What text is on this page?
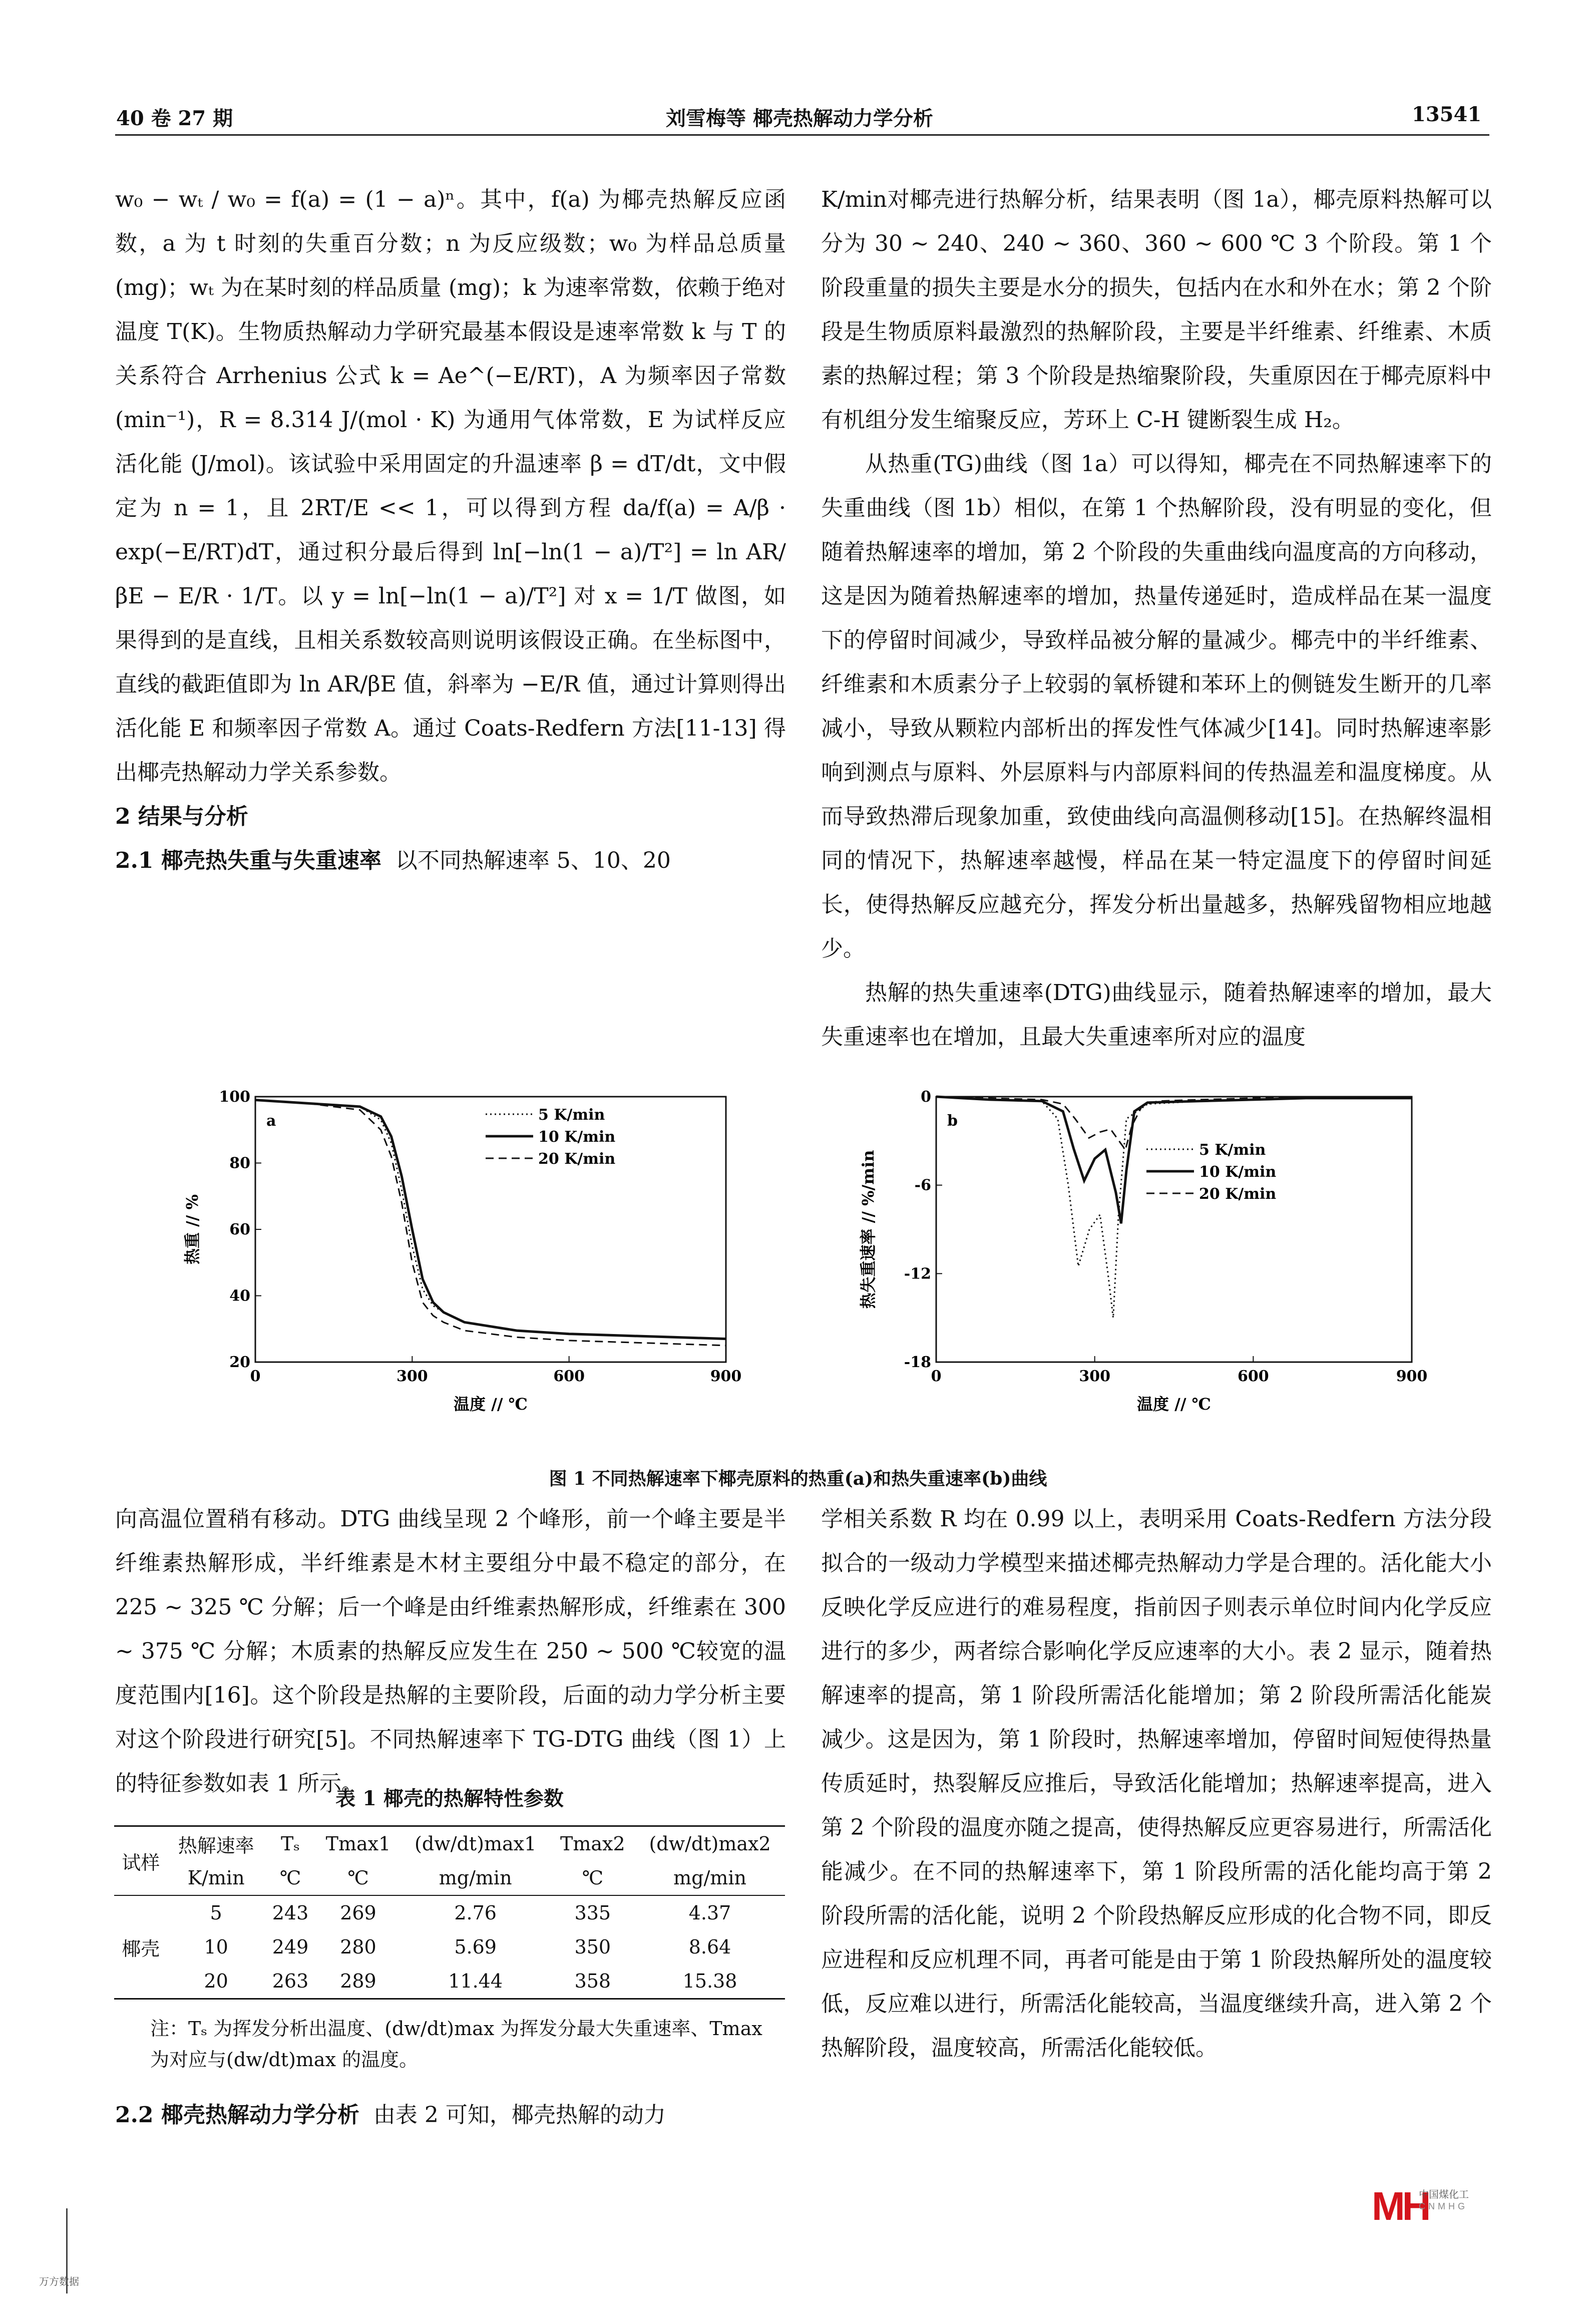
40 卷 27 期	刘雪梅等 椰壳热解动力学分析	13541

w₀ − wₜ / w₀ = f(a) = (1 − a)ⁿ。其中，f(a) 为椰壳热解反应函数，a 为 t 时刻的失重百分数；n 为反应级数；w₀ 为样品总质量 (mg)；wₜ 为在某时刻的样品质量 (mg)；k 为速率常数，依赖于绝对温度 T(K)。生物质热解动力学研究最基本假设是速率常数 k 与 T 的关系符合 Arrhenius 公式 k = Ae^(−E/RT)，A 为频率因子常数 (min⁻¹)，R = 8.314 J/(mol · K) 为通用气体常数，E 为试样反应活化能 (J/mol)。该试验中采用固定的升温速率 β = dT/dt，文中假定为 n = 1，且 2RT/E << 1，可以得到方程 da/f(a) = A/β · exp(−E/RT)dT，通过积分最后得到 ln[−ln(1 − a)/T²] = ln AR/βE − E/R · 1/T。以 y = ln[−ln(1 − a)/T²] 对 x = 1/T 做图，如果得到的是直线，且相关系数较高则说明该假设正确。在坐标图中，直线的截距值即为 ln AR/βE 值，斜率为 −E/R 值，通过计算则得出活化能 E 和频率因子常数 A。通过 Coats-Redfern 方法[11-13] 得出椰壳热解动力学关系参数。

2 结果与分析

2.1 椰壳热失重与失重速率 以不同热解速率 5、10、20

K/min对椰壳进行热解分析，结果表明（图 1a），椰壳原料热解可以分为 30 ~ 240、240 ~ 360、360 ~ 600 ℃ 3 个阶段。第 1 个阶段重量的损失主要是水分的损失，包括内在水和外在水；第 2 个阶段是生物质原料最激烈的热解阶段，主要是半纤维素、纤维素、木质素的热解过程；第 3 个阶段是热缩聚阶段，失重原因在于椰壳原料中有机组分发生缩聚反应，芳环上 C-H 键断裂生成 H₂。

从热重(TG)曲线（图 1a）可以得知，椰壳在不同热解速率下的失重曲线（图 1b）相似，在第 1 个热解阶段，没有明显的变化，但随着热解速率的增加，第 2 个阶段的失重曲线向温度高的方向移动，这是因为随着热解速率的增加，热量传递延时，造成样品在某一温度下的停留时间减少，导致样品被分解的量减少。椰壳中的半纤维素、纤维素和木质素分子上较弱的氧桥键和苯环上的侧链发生断开的几率减小，导致从颗粒内部析出的挥发性气体减少[14]。同时热解速率影响到测点与原料、外层原料与内部原料间的传热温差和温度梯度。从而导致热滞后现象加重，致使曲线向高温侧移动[15]。在热解终温相同的情况下，热解速率越慢，样品在某一特定温度下的停留时间延长，使得热解反应越充分，挥发分析出量越多，热解残留物相应地越少。

热解的热失重速率(DTG)曲线显示，随着热解速率的增加，最大失重速率也在增加，且最大失重速率所对应的温度

0	300	600	900
20
40
60
80
100
温度 // ℃
热重 // %
a	5 K/min
10 K/min
20 K/min
0	300	600	900
0
-6
-12
-18
温度 // ℃
热失重速率 // %/min
b
5 K/min
10 K/min
20 K/min
图 1 不同热解速率下椰壳原料的热重(a)和热失重速率(b)曲线

向高温位置稍有移动。DTG 曲线呈现 2 个峰形，前一个峰主要是半纤维素热解形成，半纤维素是木材主要组分中最不稳定的部分，在 225 ~ 325 ℃ 分解；后一个峰是由纤维素热解形成，纤维素在 300 ~ 375 ℃ 分解；木质素的热解反应发生在 250 ~ 500 ℃较宽的温度范围内[16]。这个阶段是热解的主要阶段，后面的动力学分析主要对这个阶段进行研究[5]。不同热解速率下 TG-DTG 曲线（图 1）上的特征参数如表 1 所示。

表 1 椰壳的热解特性参数
试样	热解速率	Tₛ	Tmax1	(dw/dt)max1	Tmax2	(dw/dt)max2
	K/min	℃	℃	mg/min	℃	mg/min
椰壳	5	243	269	2.76	335	4.37
	10	249	280	5.69	350	8.64
	20	263	289	11.44	358	15.38
注：Tₛ 为挥发分析出温度、(dw/dt)max 为挥发分最大失重速率、Tmax 为对应与(dw/dt)max 的温度。

2.2 椰壳热解动力学分析 由表 2 可知，椰壳热解的动力

学相关系数 R 均在 0.99 以上，表明采用 Coats-Redfern 方法分段拟合的一级动力学模型来描述椰壳热解动力学是合理的。活化能大小反映化学反应进行的难易程度，指前因子则表示单位时间内化学反应进行的多少，两者综合影响化学反应速率的大小。表 2 显示，随着热解速率的提高，第 1 阶段所需活化能增加；第 2 阶段所需活化能炭减少。这是因为，第 1 阶段时，热解速率增加，停留时间短使得热量传质延时，热裂解反应推后，导致活化能增加；热解速率提高，进入第 2 个阶段的温度亦随之提高，使得热解反应更容易进行，所需活化能减少。在不同的热解速率下，第 1 阶段所需的活化能均高于第 2 阶段所需的活化能，说明 2 个阶段热解反应形成的化合物不同，即反应进程和反应机理不同，再者可能是由于第 1 阶段热解所处的温度较低，反应难以进行，所需活化能较高，当温度继续升高，进入第 2 个热解阶段，温度较高，所需活化能较低。

MH
中国煤化工
CNMHG
万方数据
